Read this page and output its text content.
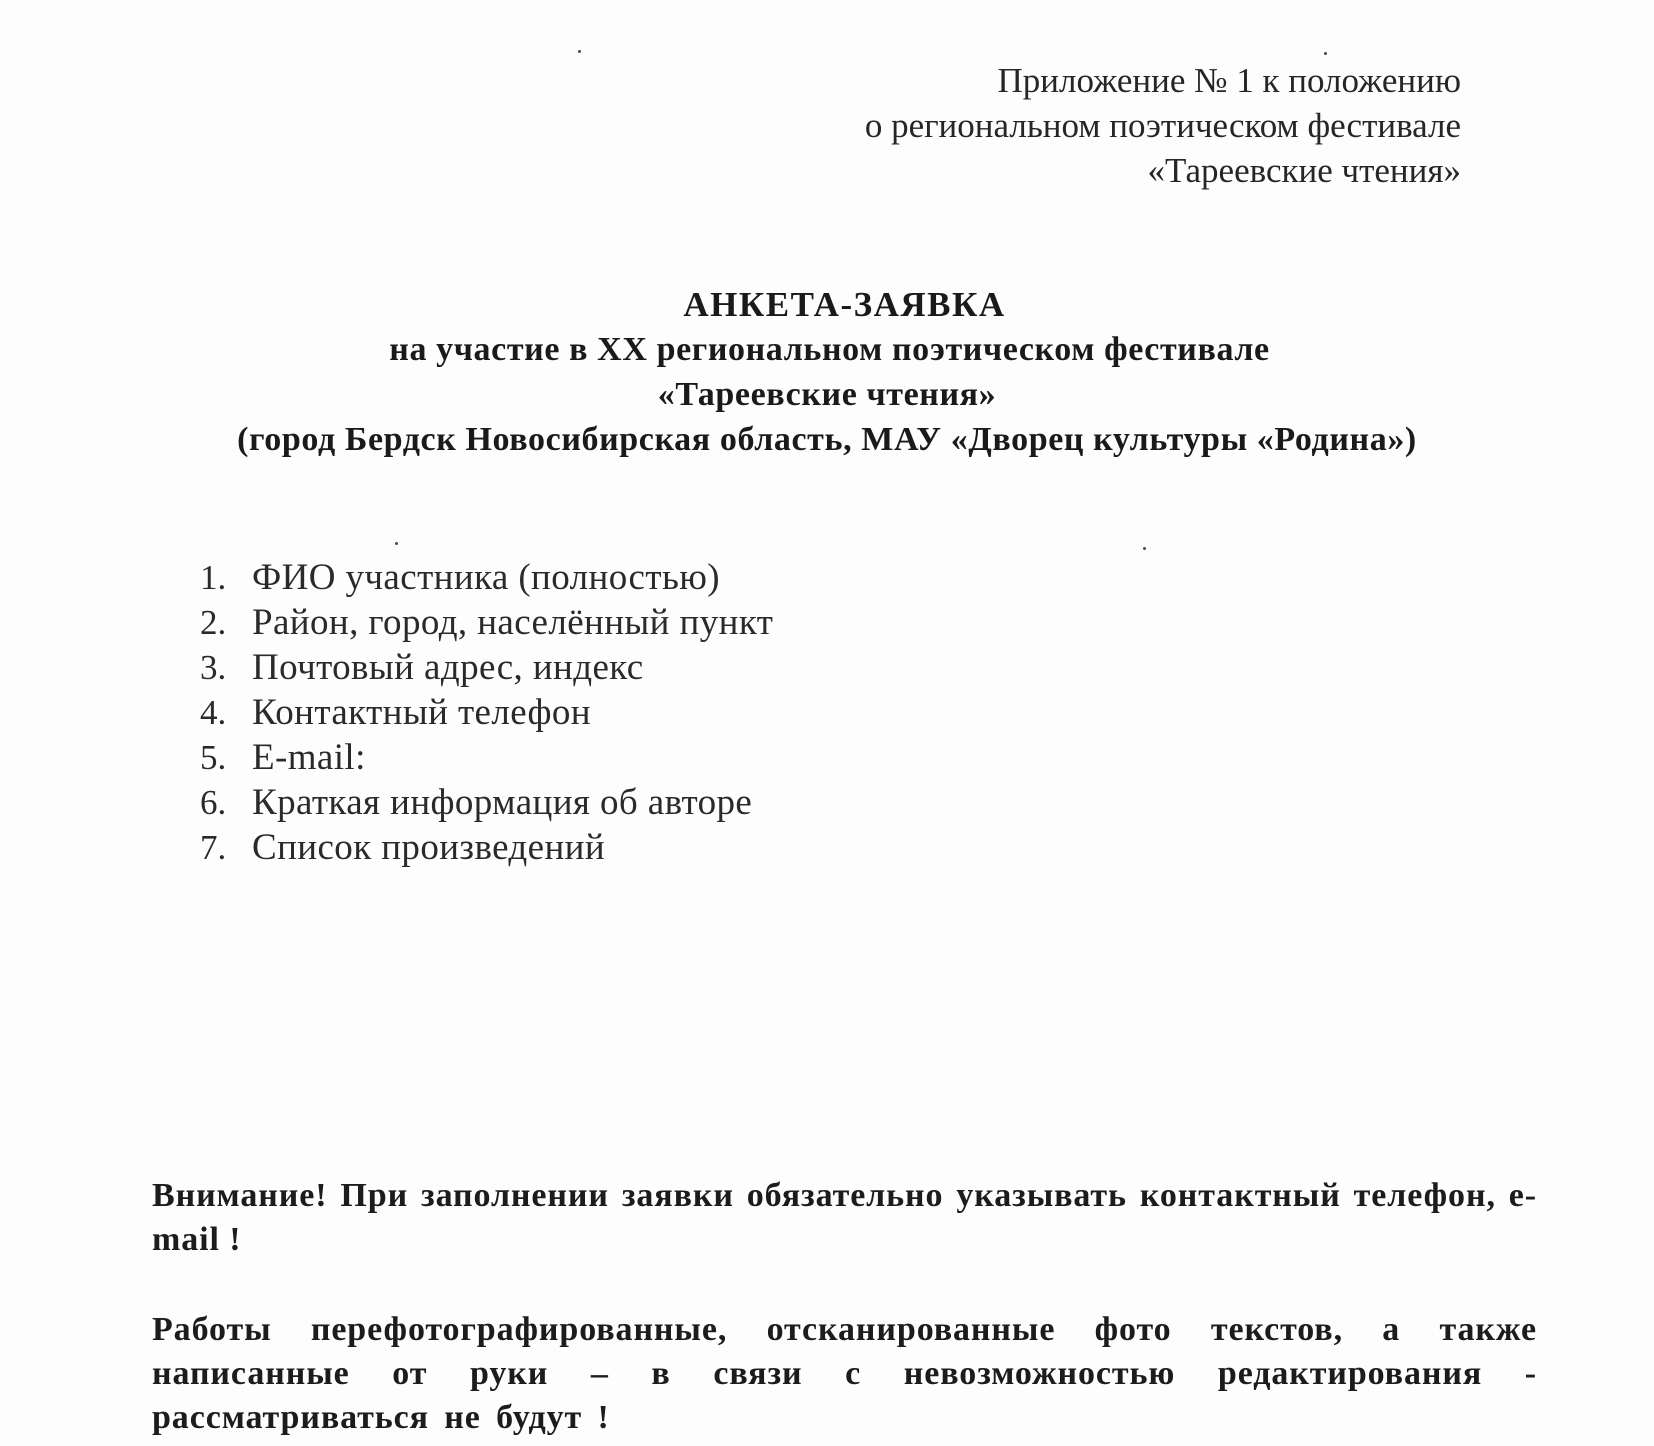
Приложение № 1 к положению
о региональном поэтическом фестивале
«Тареевские чтения»
АНКЕТА-ЗАЯВКА
на участие в XX региональном поэтическом фестивале
«Тареевские чтения»
(город Бердск Новосибирская область, МАУ «Дворец культуры «Родина»)
1. ФИО участника (полностью)
2. Район, город, населённый пункт
3. Почтовый адрес, индекс
4. Контактный телефон
5. E-mail:
6. Краткая информация об авторе
7. Список произведений

Внимание! При заполнении заявки обязательно указывать контактный телефон, e-mail !

Работы перефотографированные, отсканированные фото текстов, а также написанные от руки – в связи с невозможностью редактирования - рассматриваться не будут !
